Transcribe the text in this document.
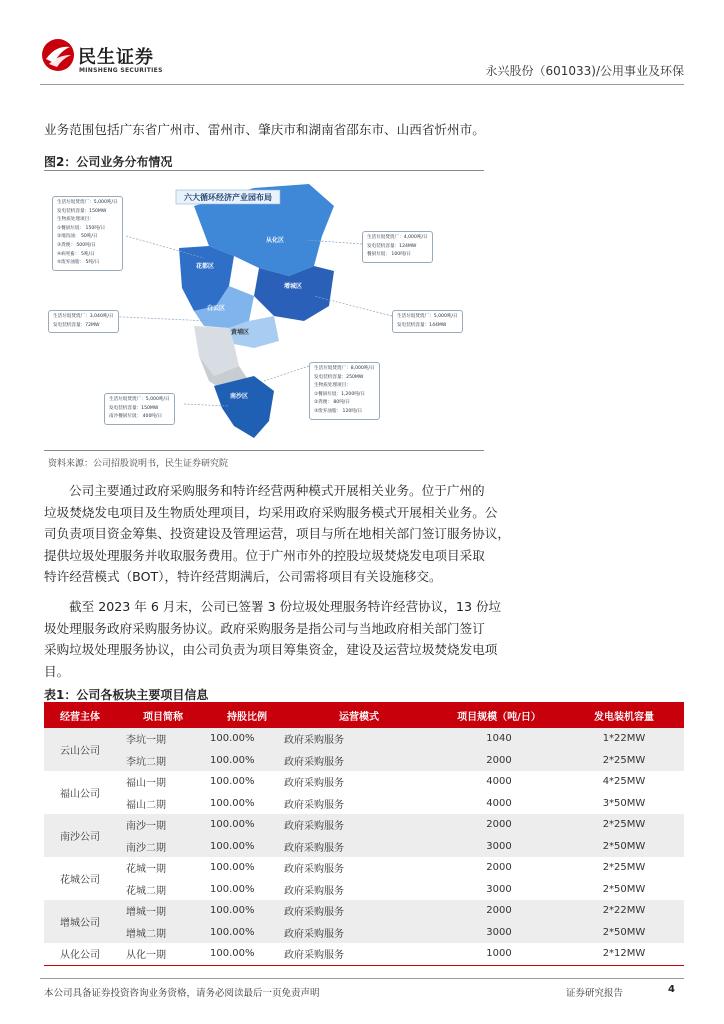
民生证券
MINSHENG SECURITIES	永兴股份（601033)/公用事业及环保
业务范围包括广东省广州市、雷州市、肇庆市和湖南省邵东市、山西省忻州市。
图2：公司业务分布情况
六大循环经济产业园布局
从化区
花都区
增城区
白云区
黄埔区
南沙区
生活垃圾焚烧厂：5,000吨/日
发电装机容量：150MW
生物质处理项目：
①餐厨垃圾： 150吨/日
②地沟油： 50吨/日
③粪便： 500吨/日
④病死畜： 5吨/日
⑤废弃油脂： 5吨/日
生活垃圾焚烧厂：4,000吨/日
发电装机容量：124MW
餐厨垃圾： 100吨/日
生活垃圾焚烧厂：3,040吨/日
发电装机容量：72MW
生活垃圾焚烧厂：5,000吨/日
发电装机容量：144MW
生活垃圾焚烧厂：8,000吨/日
发电装机容量：250MW
生物质处理项目：
①餐厨垃圾：1,200吨/日
②粪便： 80吨/日
③废弃油脂： 120吨/日
生活垃圾焚烧厂：5,000吨/日
发电装机容量：150MW
南沙餐厨垃圾： 400吨/日
资料来源：公司招股说明书，民生证券研究院
公司主要通过政府采购服务和特许经营两种模式开展相关业务。位于广州的
垃圾焚烧发电项目及生物质处理项目，均采用政府采购服务模式开展相关业务。公
司负责项目资金筹集、投资建设及管理运营，项目与所在地相关部门签订服务协议，
提供垃圾处理服务并收取服务费用。位于广州市外的控股垃圾焚烧发电项目采取
特许经营模式（BOT），特许经营期满后，公司需将项目有关设施移交。
截至 2023 年 6 月末，公司已签署 3 份垃圾处理服务特许经营协议，13 份垃
圾处理服务政府采购服务协议。政府采购服务是指公司与当地政府相关部门签订
采购垃圾处理服务协议，由公司负责为项目筹集资金，建设及运营垃圾焚烧发电项
目。
表1：公司各板块主要项目信息
经营主体	项目简称	持股比例	运营模式	项目规模（吨/日）	发电装机容量
云山公司	李坑一期	100.00%	政府采购服务	1040	1*22MW
	李坑二期	100.00%	政府采购服务	2000	2*25MW
福山公司	福山一期	100.00%	政府采购服务	4000	4*25MW
	福山二期	100.00%	政府采购服务	4000	3*50MW
南沙公司	南沙一期	100.00%	政府采购服务	2000	2*25MW
	南沙二期	100.00%	政府采购服务	3000	2*50MW
花城公司	花城一期	100.00%	政府采购服务	2000	2*25MW
	花城二期	100.00%	政府采购服务	3000	2*50MW
增城公司	增城一期	100.00%	政府采购服务	2000	2*22MW
	增城二期	100.00%	政府采购服务	3000	2*50MW
从化公司	从化一期	100.00%	政府采购服务	1000	2*12MW
本公司具备证券投资咨询业务资格，请务必阅读最后一页免责声明	证券研究报告	4
